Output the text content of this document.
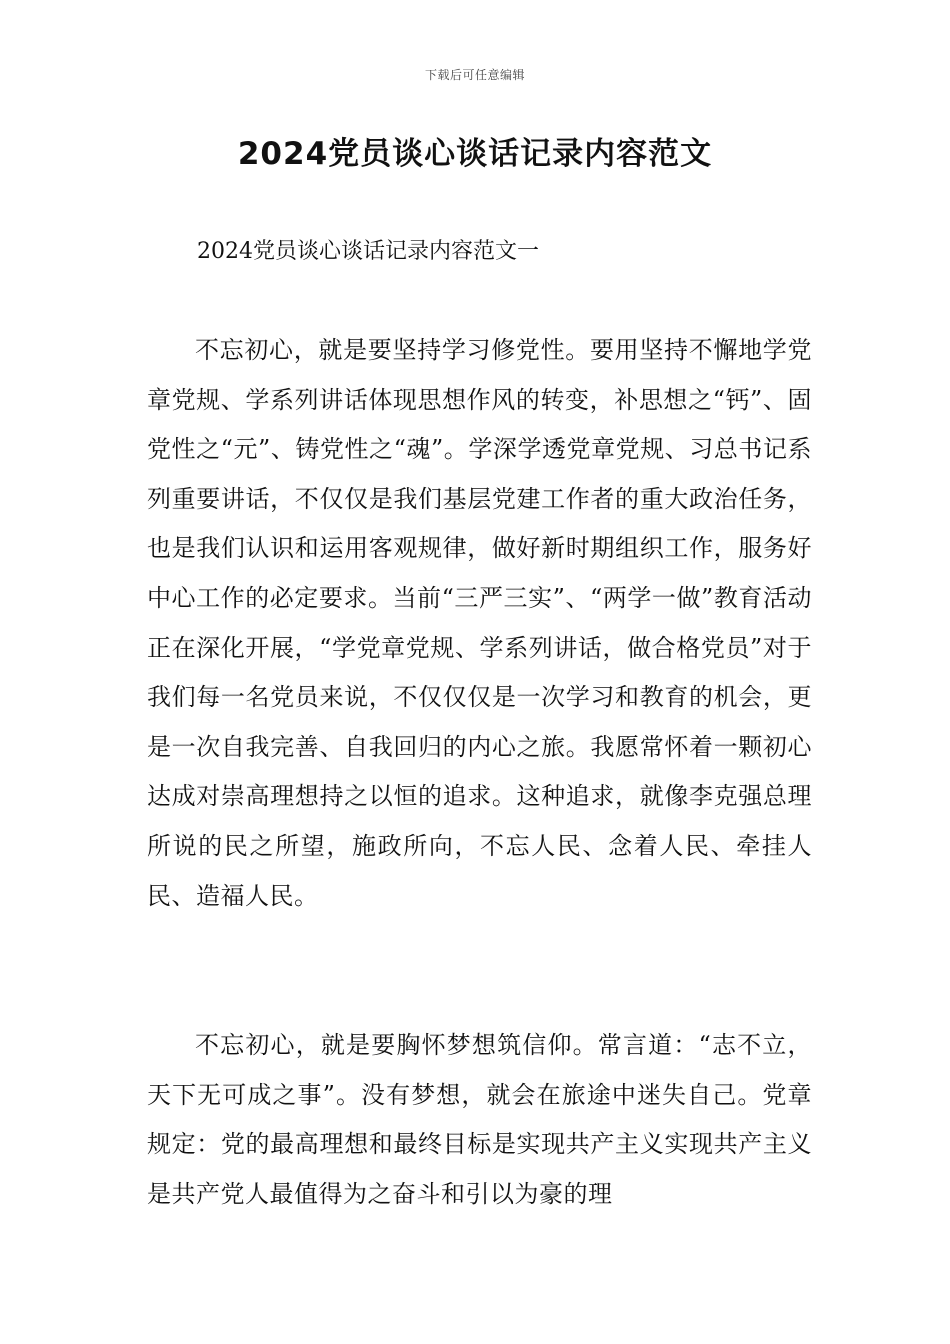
下载后可任意编辑
2024党员谈心谈话记录内容范文

2024党员谈心谈话记录内容范文一

不忘初心，就是要坚持学习修党性。要用坚持不懈地学党章党规、学系列讲话体现思想作风的转变，补思想之“钙”、固党性之“元”、铸党性之“魂”。学深学透党章党规、习总书记系列重要讲话，不仅仅是我们基层党建工作者的重大政治任务，也是我们认识和运用客观规律，做好新时期组织工作，服务好中心工作的必定要求。当前“三严三实”、“两学一做”教育活动正在深化开展，“学党章党规、学系列讲话，做合格党员”对于我们每一名党员来说，不仅仅仅是一次学习和教育的机会，更是一次自我完善、自我回归的内心之旅。我愿常怀着一颗初心达成对崇高理想持之以恒的追求。这种追求，就像李克强总理所说的民之所望，施政所向，不忘人民、念着人民、牵挂人民、造福人民。

不忘初心，就是要胸怀梦想筑信仰。常言道：“志不立，天下无可成之事”。没有梦想，就会在旅途中迷失自己。党章规定：党的最高理想和最终目标是实现共产主义实现共产主义是共产党人最值得为之奋斗和引以为豪的理
